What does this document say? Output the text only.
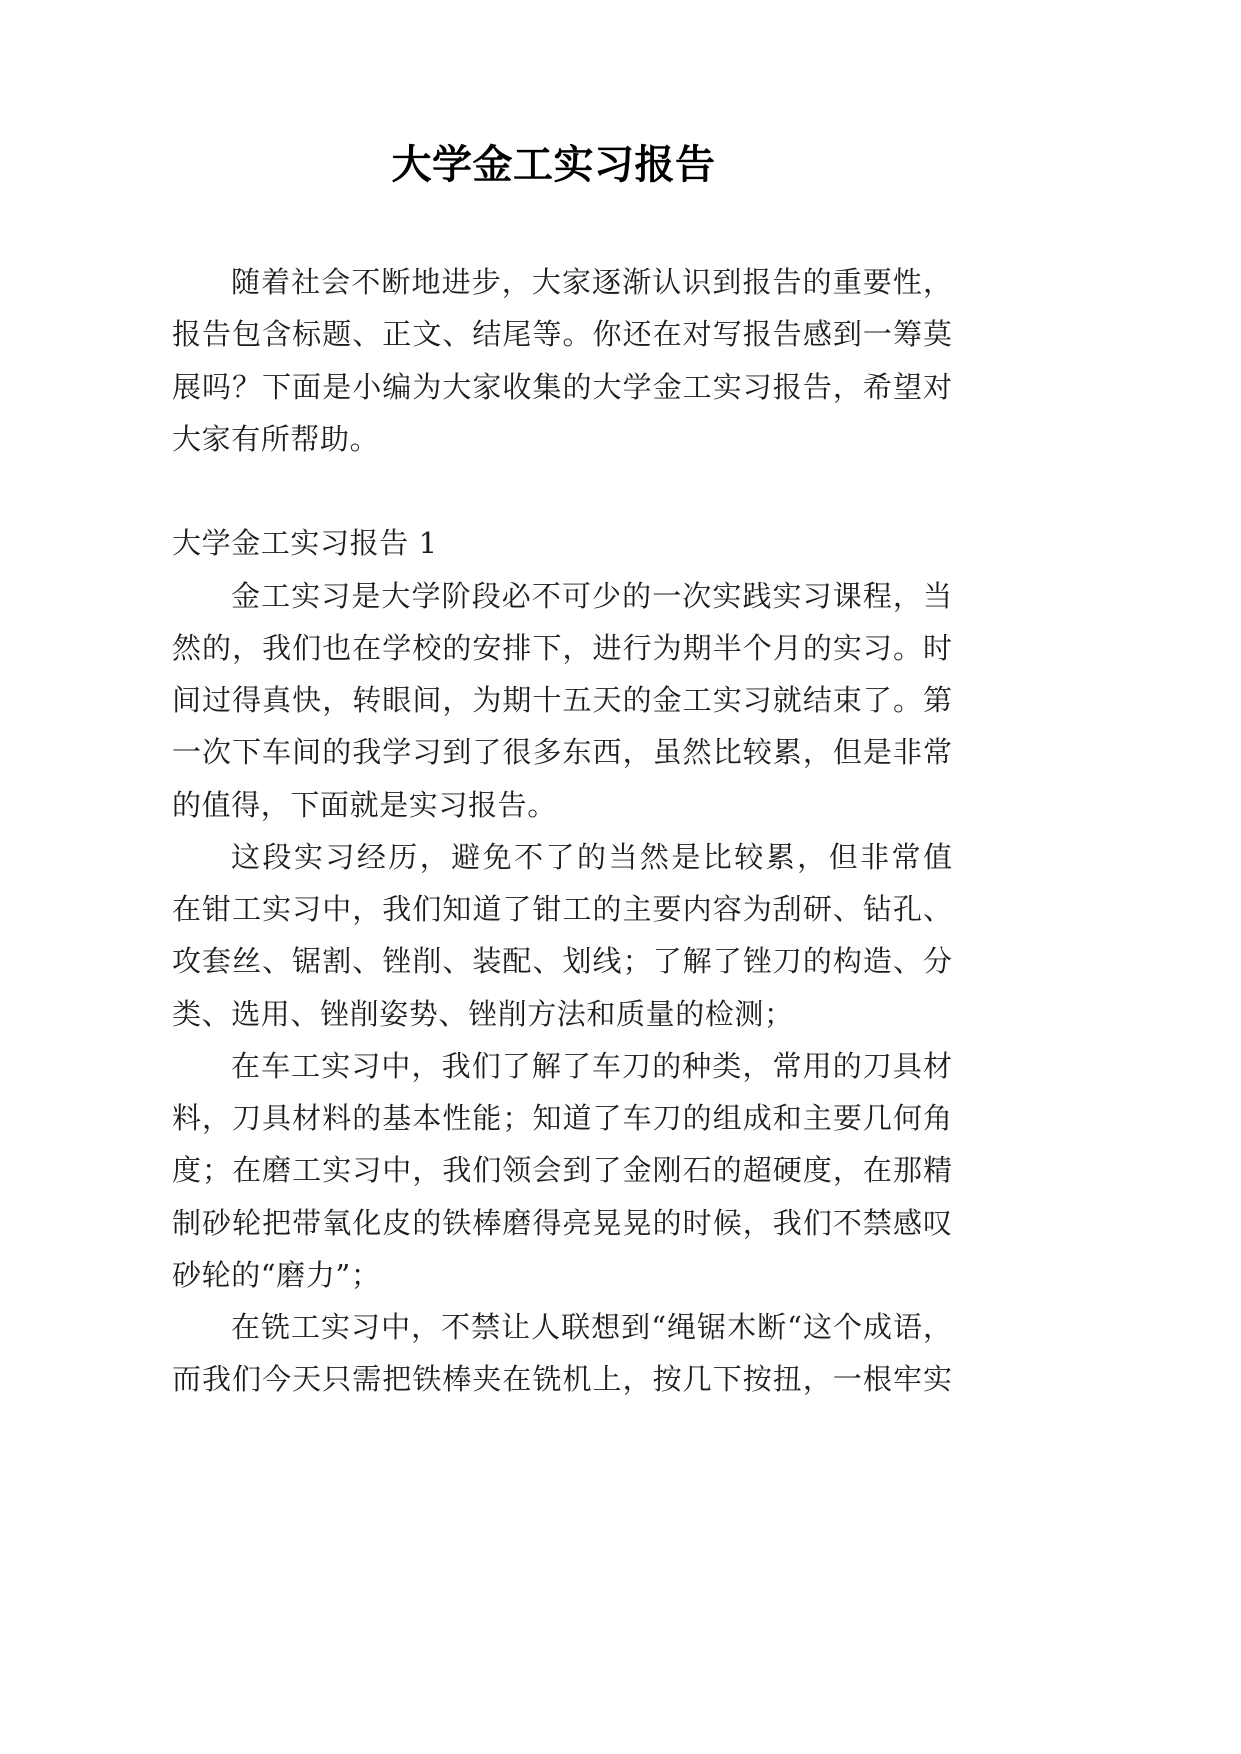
大学金工实习报告
随着社会不断地进步，大家逐渐认识到报告的重要性，
报告包含标题、正文、结尾等。你还在对写报告感到一筹莫
展吗？下面是小编为大家收集的大学金工实习报告，希望对
大家有所帮助。
大学金工实习报告 1
金工实习是大学阶段必不可少的一次实践实习课程，当
然的，我们也在学校的安排下，进行为期半个月的实习。时
间过得真快，转眼间，为期十五天的金工实习就结束了。第
一次下车间的我学习到了很多东西，虽然比较累，但是非常
的值得，下面就是实习报告。
这段实习经历，避免不了的当然是比较累，但非常值
在钳工实习中，我们知道了钳工的主要内容为刮研、钻孔、
攻套丝、锯割、锉削、装配、划线；了解了锉刀的构造、分
类、选用、锉削姿势、锉削方法和质量的检测；
在车工实习中，我们了解了车刀的种类，常用的刀具材
料，刀具材料的基本性能；知道了车刀的组成和主要几何角
度；在磨工实习中，我们领会到了金刚石的超硬度，在那精
制砂轮把带氧化皮的铁棒磨得亮晃晃的时候，我们不禁感叹
砂轮的“磨力”；
在铣工实习中，不禁让人联想到“绳锯木断“这个成语，
而我们今天只需把铁棒夹在铣机上，按几下按扭，一根牢实
